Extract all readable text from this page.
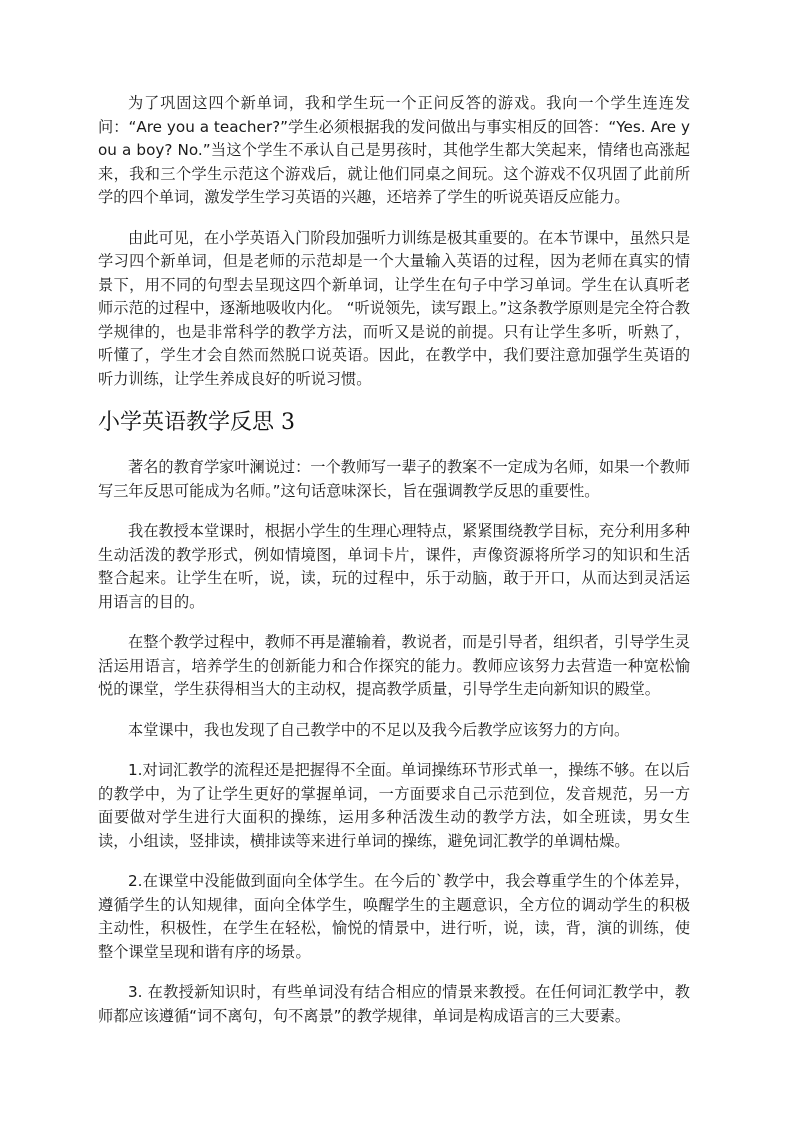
为了巩固这四个新单词，我和学生玩一个正问反答的游戏。我向一个学生连连发问：“Are you a teacher?”学生必须根据我的发问做出与事实相反的回答：“Yes. Are you a boy? No.”当这个学生不承认自己是男孩时，其他学生都大笑起来，情绪也高涨起来，我和三个学生示范这个游戏后，就让他们同桌之间玩。这个游戏不仅巩固了此前所学的四个单词，激发学生学习英语的兴趣，还培养了学生的听说英语反应能力。

由此可见，在小学英语入门阶段加强听力训练是极其重要的。在本节课中，虽然只是学习四个新单词，但是老师的示范却是一个大量输入英语的过程，因为老师在真实的情景下，用不同的句型去呈现这四个新单词，让学生在句子中学习单词。学生在认真听老师示范的过程中，逐渐地吸收内化。 “听说领先，读写跟上。”这条教学原则是完全符合教学规律的，也是非常科学的教学方法，而听又是说的前提。只有让学生多听，听熟了，听懂了，学生才会自然而然脱口说英语。因此，在教学中，我们要注意加强学生英语的听力训练，让学生养成良好的听说习惯。

小学英语教学反思 3

著名的教育学家叶澜说过：一个教师写一辈子的教案不一定成为名师，如果一个教师写三年反思可能成为名师。”这句话意味深长，旨在强调教学反思的重要性。

我在教授本堂课时，根据小学生的生理心理特点，紧紧围绕教学目标，充分利用多种生动活泼的教学形式，例如情境图，单词卡片，课件，声像资源将所学习的知识和生活整合起来。让学生在听，说，读，玩的过程中，乐于动脑，敢于开口，从而达到灵活运用语言的目的。

在整个教学过程中，教师不再是灌输着，教说者，而是引导者，组织者，引导学生灵活运用语言，培养学生的创新能力和合作探究的能力。教师应该努力去营造一种宽松愉悦的课堂，学生获得相当大的主动权，提高教学质量，引导学生走向新知识的殿堂。

本堂课中，我也发现了自己教学中的不足以及我今后教学应该努力的方向。

1.对词汇教学的流程还是把握得不全面。单词操练环节形式单一，操练不够。在以后的教学中，为了让学生更好的掌握单词，一方面要求自己示范到位，发音规范，另一方面要做对学生进行大面积的操练，运用多种活泼生动的教学方法，如全班读，男女生读，小组读，竖排读，横排读等来进行单词的操练，避免词汇教学的单调枯燥。

2.在课堂中没能做到面向全体学生。在今后的`教学中，我会尊重学生的个体差异，遵循学生的认知规律，面向全体学生，唤醒学生的主题意识，全方位的调动学生的积极主动性，积极性，在学生在轻松，愉悦的情景中，进行听，说，读，背，演的训练，使整个课堂呈现和谐有序的场景。

3. 在教授新知识时，有些单词没有结合相应的情景来教授。在任何词汇教学中，教师都应该遵循“词不离句，句不离景”的教学规律，单词是构成语言的三大要素。
